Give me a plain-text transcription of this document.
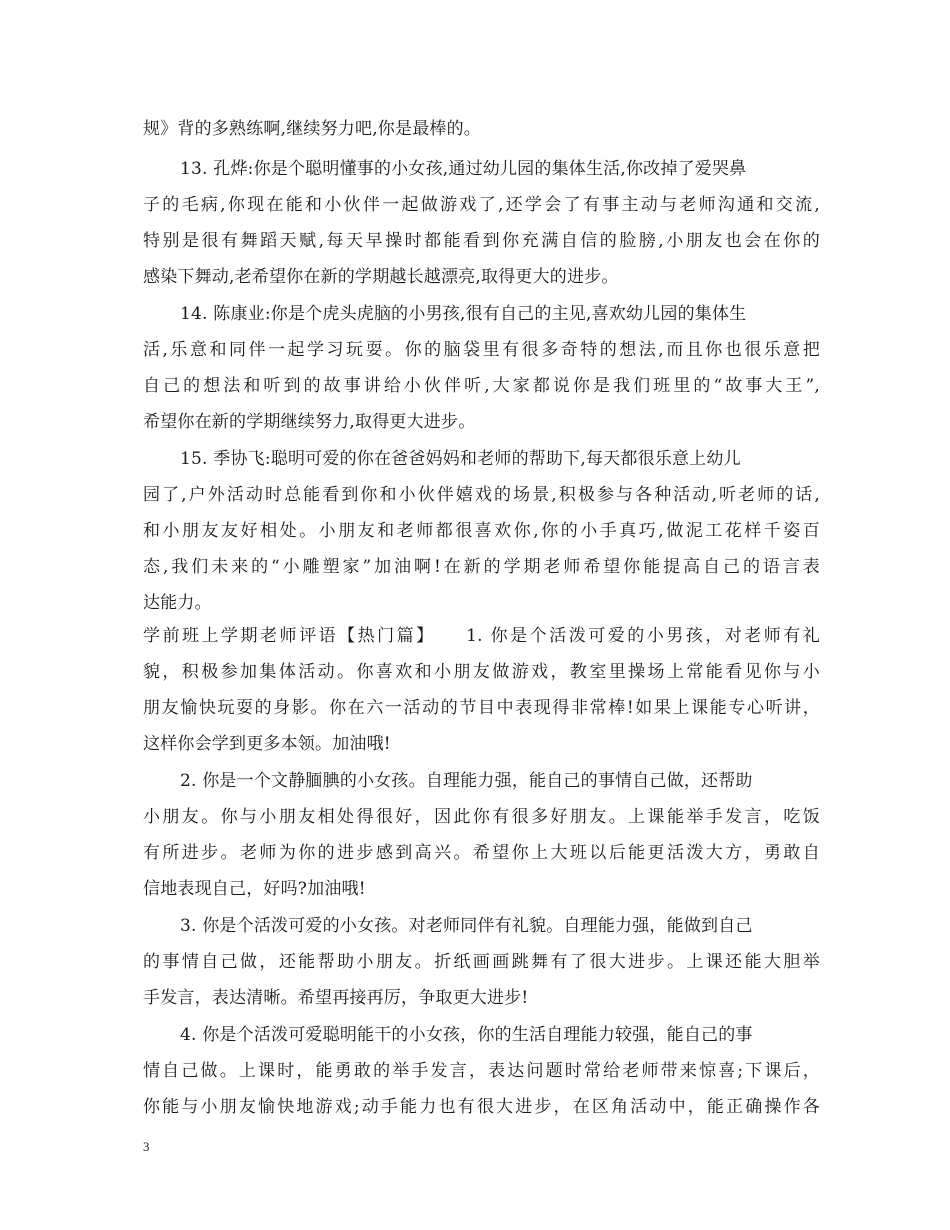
规》背的多熟练啊,继续努力吧,你是最棒的。
13. 孔烨:你是个聪明懂事的小女孩,通过幼儿园的集体生活,你改掉了爱哭鼻
子的毛病,你现在能和小伙伴一起做游戏了,还学会了有事主动与老师沟通和交流,
特别是很有舞蹈天赋,每天早操时都能看到你充满自信的脸膀,小朋友也会在你的
感染下舞动,老希望你在新的学期越长越漂亮,取得更大的进步。
14. 陈康业:你是个虎头虎脑的小男孩,很有自己的主见,喜欢幼儿园的集体生
活,乐意和同伴一起学习玩耍。你的脑袋里有很多奇特的想法,而且你也很乐意把
自己的想法和听到的故事讲给小伙伴听,大家都说你是我们班里的“故事大王”,
希望你在新的学期继续努力,取得更大进步。
15. 季协飞:聪明可爱的你在爸爸妈妈和老师的帮助下,每天都很乐意上幼儿
园了,户外活动时总能看到你和小伙伴嬉戏的场景,积极参与各种活动,听老师的话,
和小朋友友好相处。小朋友和老师都很喜欢你,你的小手真巧,做泥工花样千姿百
态,我们未来的“小雕塑家”加油啊!在新的学期老师希望你能提高自己的语言表
达能力。
学前班上学期老师评语【热门篇】　　1. 你是个活泼可爱的小男孩，对老师有礼
貌，积极参加集体活动。你喜欢和小朋友做游戏，教室里操场上常能看见你与小
朋友愉快玩耍的身影。你在六一活动的节目中表现得非常棒!如果上课能专心听讲，
这样你会学到更多本领。加油哦!
2. 你是一个文静腼腆的小女孩。自理能力强，能自己的事情自己做，还帮助
小朋友。你与小朋友相处得很好，因此你有很多好朋友。上课能举手发言，吃饭
有所进步。老师为你的进步感到高兴。希望你上大班以后能更活泼大方，勇敢自
信地表现自己，好吗?加油哦!
3. 你是个活泼可爱的小女孩。对老师同伴有礼貌。自理能力强，能做到自己
的事情自己做，还能帮助小朋友。折纸画画跳舞有了很大进步。上课还能大胆举
手发言，表达清晰。希望再接再厉，争取更大进步!
4. 你是个活泼可爱聪明能干的小女孩，你的生活自理能力较强，能自己的事
情自己做。上课时，能勇敢的举手发言，表达问题时常给老师带来惊喜;下课后，
你能与小朋友愉快地游戏;动手能力也有很大进步，在区角活动中，能正确操作各
3
